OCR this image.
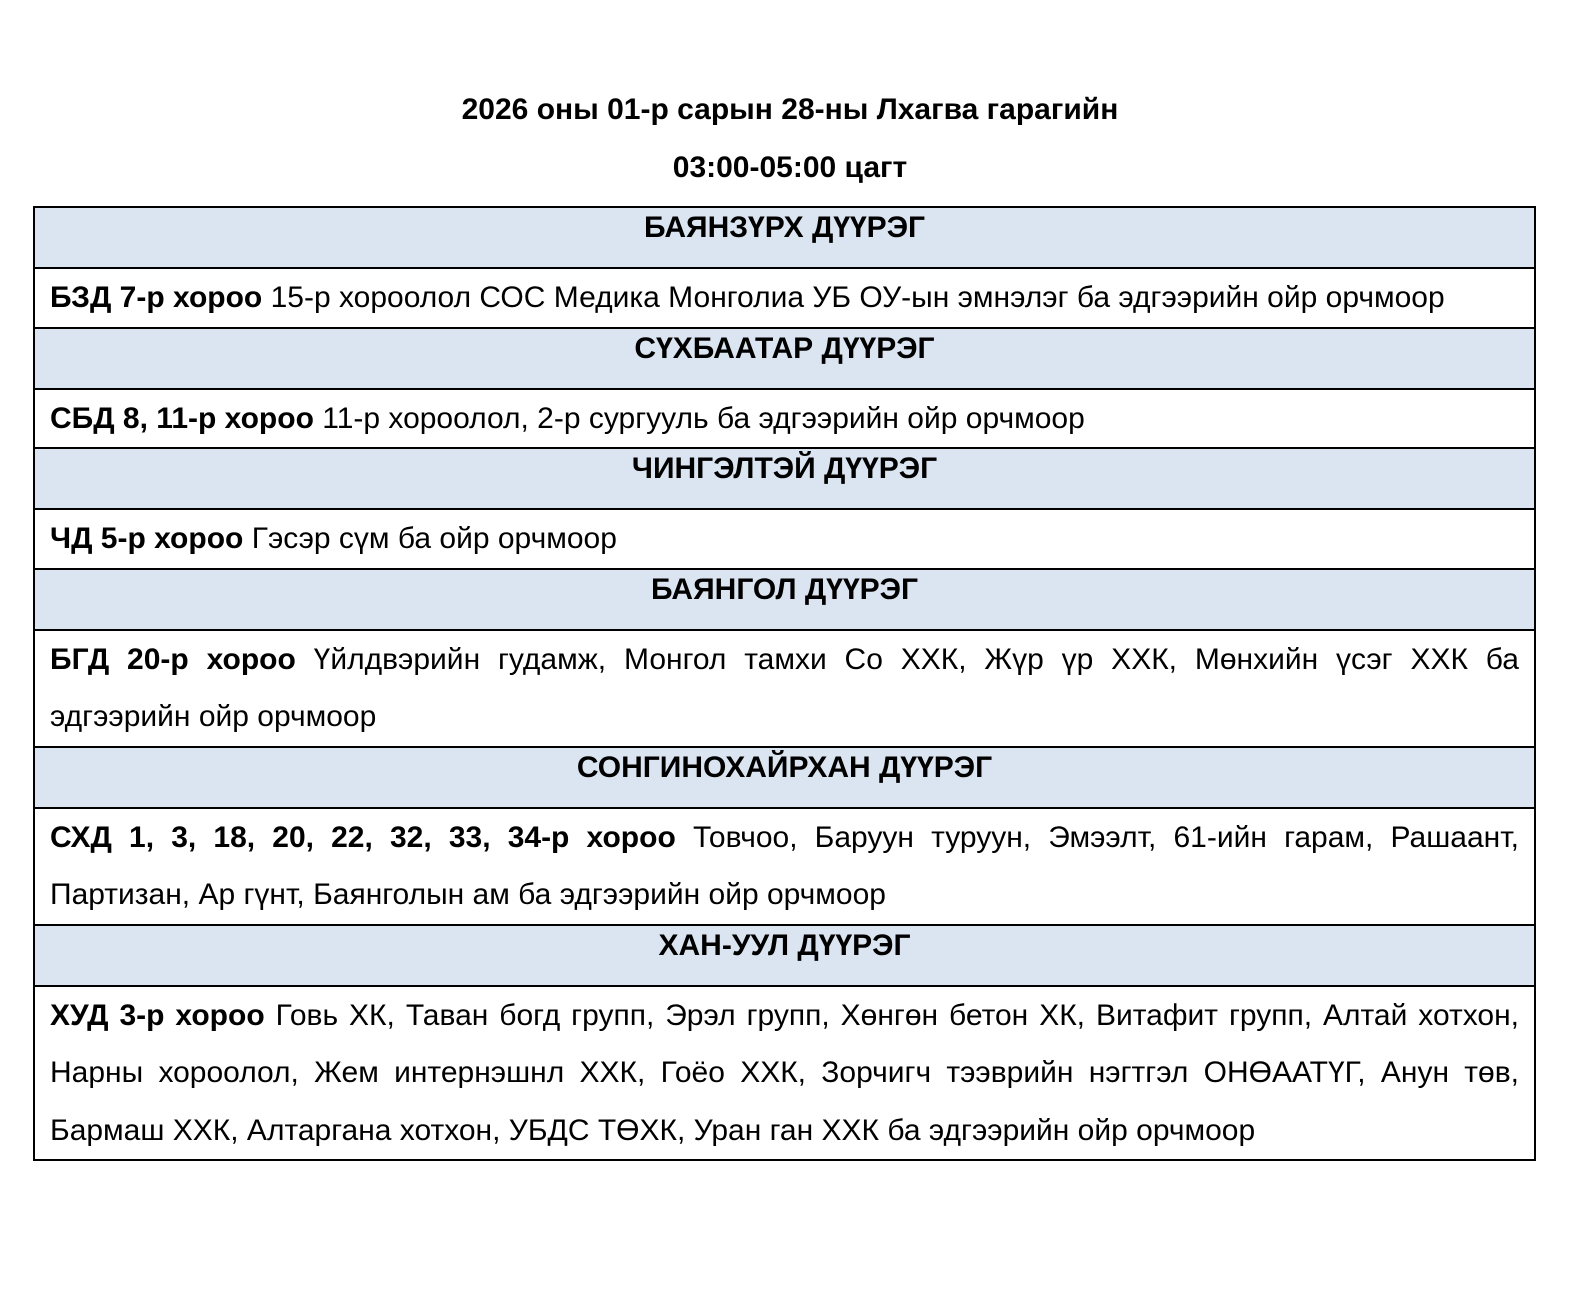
2026 оны 01-р сарын 28-ны Лхагва гарагийн
03:00-05:00 цагт
БАЯНЗҮРХ ДҮҮРЭГ
БЗД 7-р хороо 15-р хороолол СОС Медика Монголиа УБ ОУ-ын эмнэлэг ба эдгээрийн ойр орчмоор
СҮХБААТАР ДҮҮРЭГ
СБД 8, 11-р хороо 11-р хороолол, 2-р сургууль ба эдгээрийн ойр орчмоор
ЧИНГЭЛТЭЙ ДҮҮРЭГ
ЧД 5-р хороо Гэсэр сүм ба ойр орчмоор
БАЯНГОЛ ДҮҮРЭГ
БГД 20-р хороо Үйлдвэрийн гудамж, Монгол тамхи Со ХХК, Жүр үр ХХК, Мөнхийн үсэг ХХК ба эдгээрийн ойр орчмоор
СОНГИНОХАЙРХАН ДҮҮРЭГ
СХД 1, 3, 18, 20, 22, 32, 33, 34-р хороо Товчоо, Баруун туруун, Эмээлт, 61-ийн гарам, Рашаант, Партизан, Ар гүнт, Баянголын ам ба эдгээрийн ойр орчмоор
ХАН-УУЛ ДҮҮРЭГ
ХУД 3-р хороо Говь ХК, Таван богд групп, Эрэл групп, Хөнгөн бетон ХК, Витафит групп, Алтай хотхон, Нарны хороолол, Жем интернэшнл ХХК, Гоёо ХХК, Зорчигч тээврийн нэгтгэл ОНӨААТҮГ, Анун төв, Бармаш ХХК, Алтаргана хотхон, УБДС ТӨХК, Уран ган ХХК ба эдгээрийн ойр орчмоор
